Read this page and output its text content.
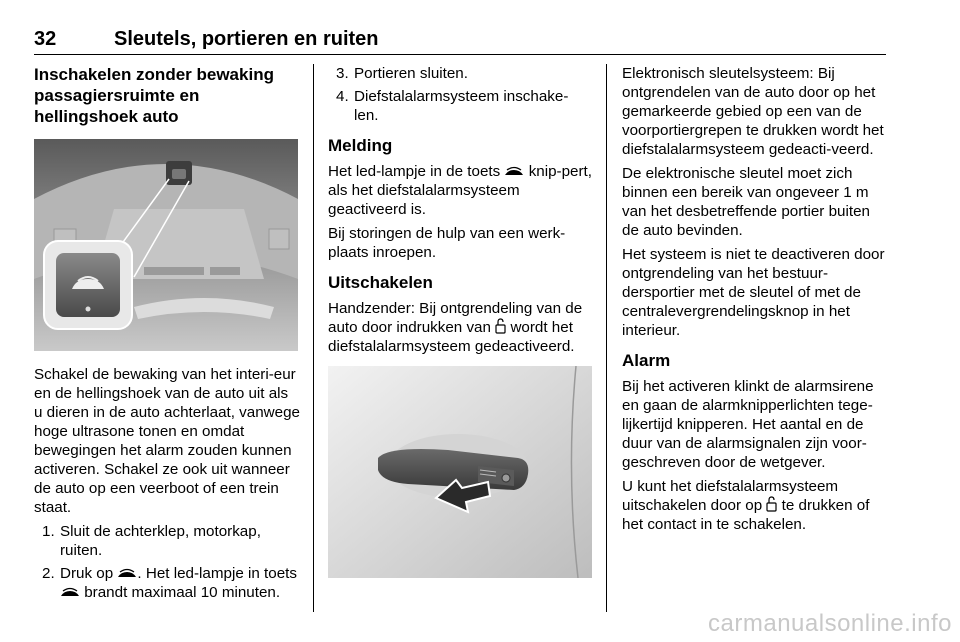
32	Sleutels, portieren en ruiten
Inschakelen zonder bewaking passagiersruimte en hellingshoek auto

Schakel de bewaking van het interi-eur en de hellingshoek van de auto uit als u dieren in de auto achterlaat, vanwege hoge ultrasone tonen en omdat bewegingen het alarm zouden kunnen activeren. Schakel ze ook uit wanneer de auto op een veerboot of een trein staat.

1. Sluit de achterklep, motorkap, ruiten.
2. Druk op . Het led-lampje in toets  brandt maximaal 10 minuten.
3. Portieren sluiten.
4. Diefstalalarmsysteem inschake-len.
Melding

Het led-lampje in de toets knip-pert, als het diefstalalarmsysteem geactiveerd is.

Bij storingen de hulp van een werk-plaats inroepen.

Uitschakelen

Handzender: Bij ontgrendeling van de auto door indrukken van wordt het diefstalalarmsysteem gedeactiveerd.

Elektronisch sleutelsysteem: Bij ontgrendelen van de auto door op het gemarkeerde gebied op een van de voorportiergrepen te drukken wordt het diefstalalarmsysteem gedeacti-veerd.

De elektronische sleutel moet zich binnen een bereik van ongeveer 1 m van het desbetreffende portier buiten de auto bevinden.

Het systeem is niet te deactiveren door ontgrendeling van het bestuur-dersportier met de sleutel of met de centralevergrendelingsknop in het interieur.

Alarm

Bij het activeren klinkt de alarmsirene en gaan de alarmknipperlichten tege-lijkertijd knipperen. Het aantal en de duur van de alarmsignalen zijn voor-geschreven door de wetgever.

U kunt het diefstalalarmsysteem uitschakelen door op te drukken of het contact in te schakelen.

carmanualsonline.info
